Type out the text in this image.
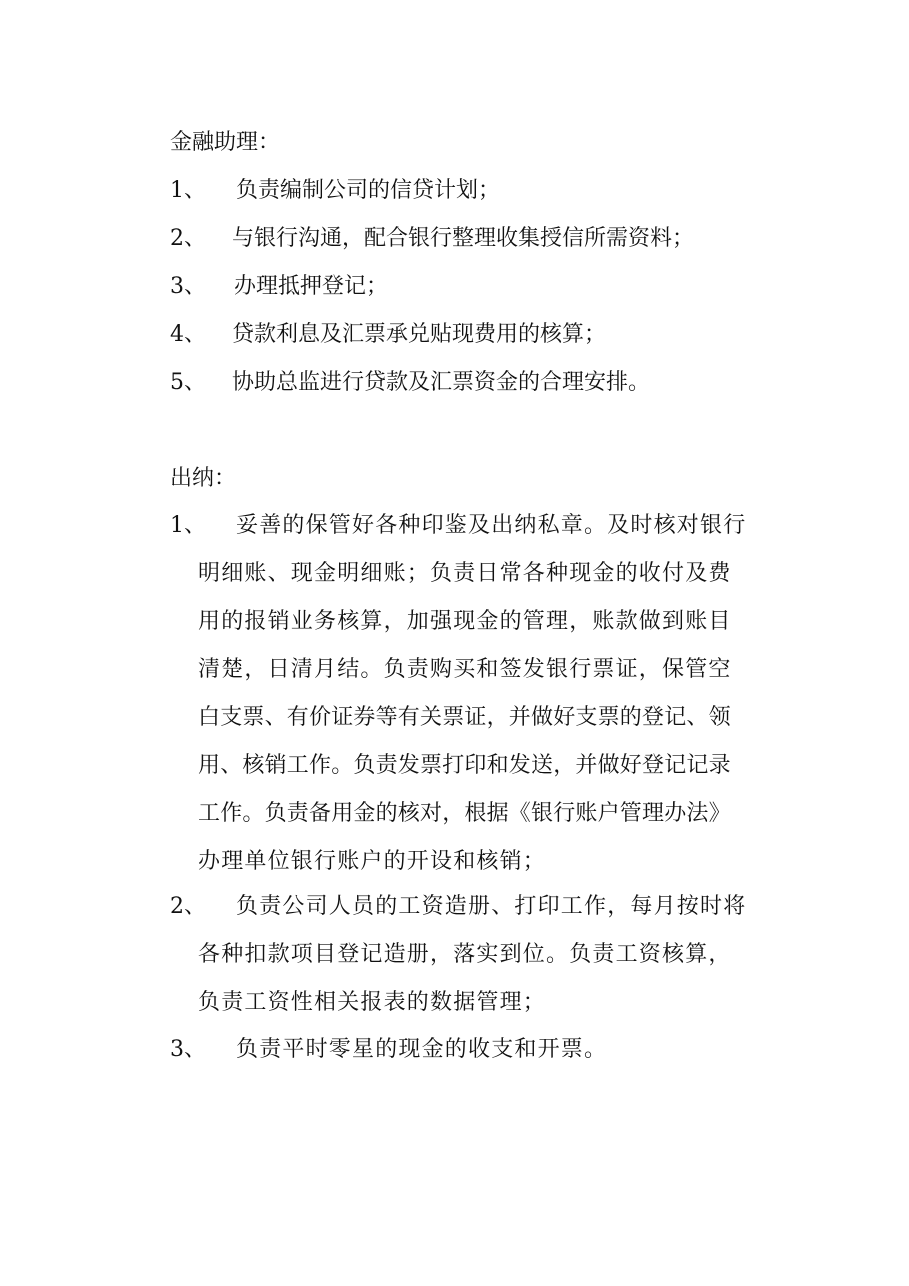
金融助理：
1、 负责编制公司的信贷计划；
2、 与银行沟通，配合银行整理收集授信所需资料；
3、 办理抵押登记；
4、 贷款利息及汇票承兑贴现费用的核算；
5、 协助总监进行贷款及汇票资金的合理安排。
出纳：
1、	妥善的保管好各种印鉴及出纳私章。及时核对银行
明细账、现金明细账；负责日常各种现金的收付及费
用的报销业务核算，加强现金的管理，账款做到账目
清楚，日清月结。负责购买和签发银行票证，保管空
白支票、有价证券等有关票证，并做好支票的登记、领
用、核销工作。负责发票打印和发送，并做好登记记录
工作。负责备用金的核对，根据《银行账户管理办法》
办理单位银行账户的开设和核销；
2、	负责公司人员的工资造册、打印工作，每月按时将
各种扣款项目登记造册，落实到位。负责工资核算，
负责工资性相关报表的数据管理；
3、	负责平时零星的现金的收支和开票。
